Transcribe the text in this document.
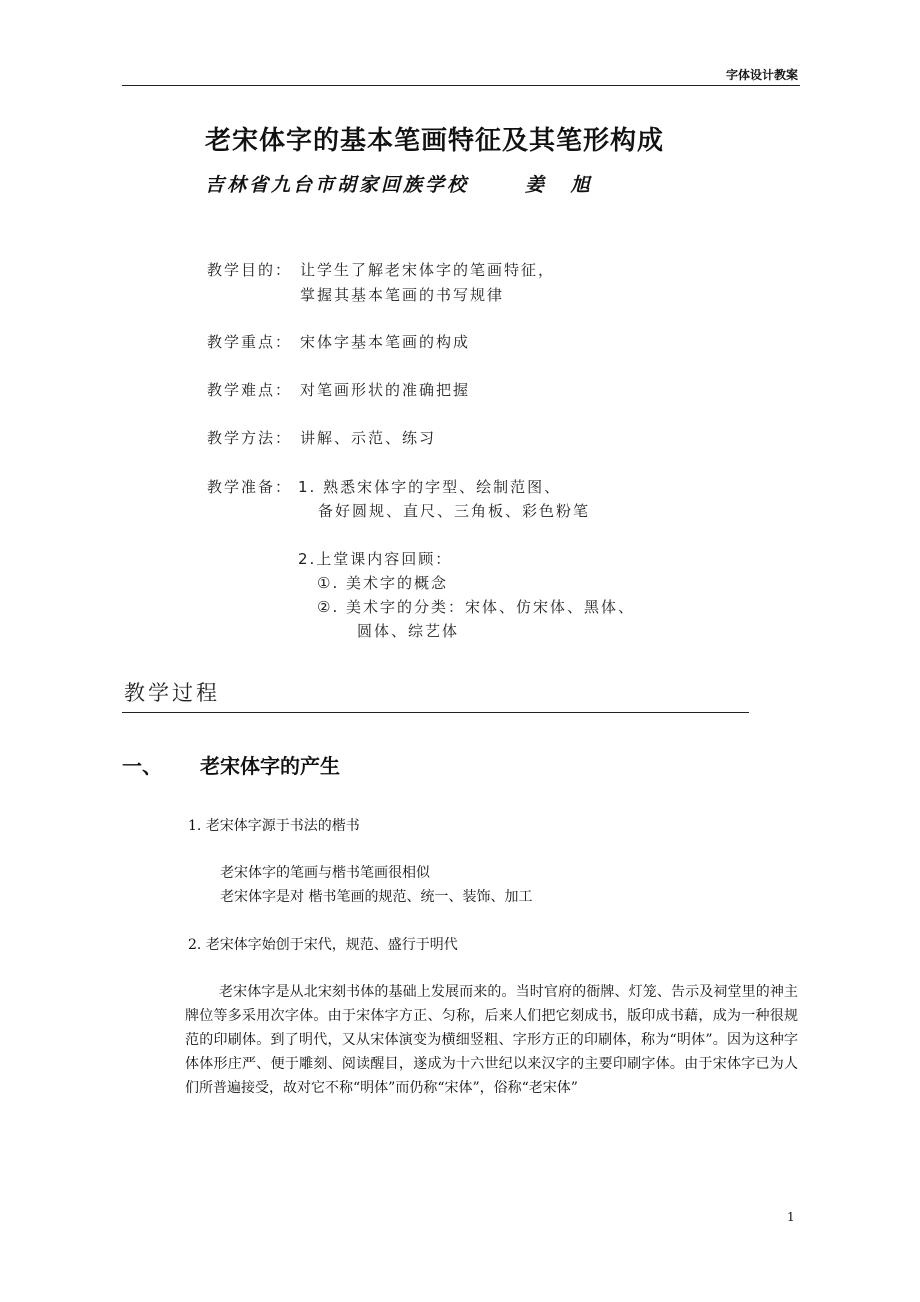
字体设计教案
老宋体字的基本笔画特征及其笔形构成
吉林省九台市胡家回族学校	姜 旭
教学目的： 让学生了解老宋体字的笔画特征，
掌握其基本笔画的书写规律
教学重点： 宋体字基本笔画的构成
教学难点： 对笔画形状的准确把握
教学方法： 讲解、示范、练习
教学准备： 1. 熟悉宋体字的字型、绘制范图、
备好圆规、直尺、三角板、彩色粉笔
2.上堂课内容回顾：
①. 美术字的概念
②. 美术字的分类：宋体、仿宋体、黑体、
圆体、综艺体
教学过程
一、 老宋体字的产生
1. 老宋体字源于书法的楷书
老宋体字的笔画与楷书笔画很相似
老宋体字是对 楷书笔画的规范、统一、装饰、加工
2. 老宋体字始创于宋代，规范、盛行于明代
老宋体字是从北宋刻书体的基础上发展而来的。当时官府的衙牌、灯笼、告示及祠堂里的神主牌位等多采用次字体。由于宋体字方正、匀称，后来人们把它刻成书，版印成书藉，成为一种很规范的印刷体。到了明代，又从宋体演变为横细竖粗、字形方正的印刷体，称为“明体”。因为这种字体体形庄严、便于雕刻、阅读醒目，遂成为十六世纪以来汉字的主要印刷字体。由于宋体字已为人们所普遍接受，故对它不称“明体”而仍称“宋体”，俗称“老宋体”
1
